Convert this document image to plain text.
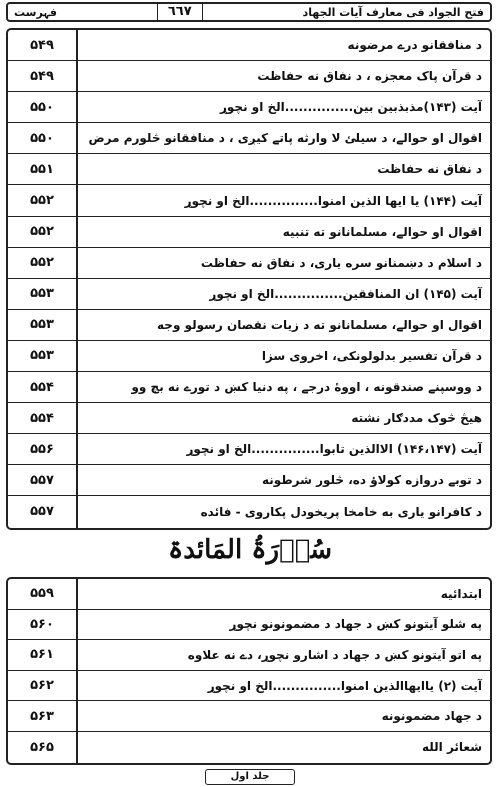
فتح الجواد فی معارف آیات الجھاد
٦٦٧
فہرست
۵۴۹	د منافقانو درے مرضونه
۵۴۹	د قرآن پاک معجزه ، د نفاق نه حفاظت
۵۵۰	آیت (۱۴۳)مذبذبین بین...............الخ او نچوړ
۵۵۰	اقوال او حوالے، د سیلئ لا وارثه پاتے کیږی ، د منافقانو څلورم مرض
۵۵۱	د نفاق نه حفاظت
۵۵۲	آیت (۱۴۴) یا ایها الذین امنوا...............الخ او نچوړ
۵۵۲	اقوال او حوالے، مسلمانانو ته تنبیه
۵۵۲	د اسلام د دښمنانو سره یاری، د نفاق نه حفاظت
۵۵۳	آیت (۱۴۵) ان المنافقین...............الخ او نچوړ
۵۵۳	اقوال او حوالے، مسلمانانو ته د زیات نقصان رسولو وجه
۵۵۳	د قرآن تفسیر بدلولونکی، اخروی سزا
۵۵۴	د ووسپنے صندقونه ، اووهٔ درجے ، په دنیا کښ د تورے نه بچ وو
۵۵۴	هیڅ څوک مددګار نشته
۵۵۶	آیت (۱۴۶،۱۴۷) الاالذین تابوا...............الخ او نچوړ
۵۵۷	د توبے دروازه کولاؤ ده، څلور شرطونه
۵۵۷	د کافرانو یاری به خامخا پریخودل پکاروی - فائده
سُوۡرَۃُ المَائدۃ
۵۵۹	ابتدائیه
۵۶۰	په شلو آیتونو کښ د جهاد د مضمونونو نچوړ
۵۶۱	په اتو آیتونو کښ د جهاد د اشارو نچوړ، دے نه علاوه
۵۶۲	آیت (۲) یاایهاالذین امنوا...............الخ او نچوړ
۵۶۳	د جهاد مضمونونه
۵۶۵	شعائر الله
جلد اول
